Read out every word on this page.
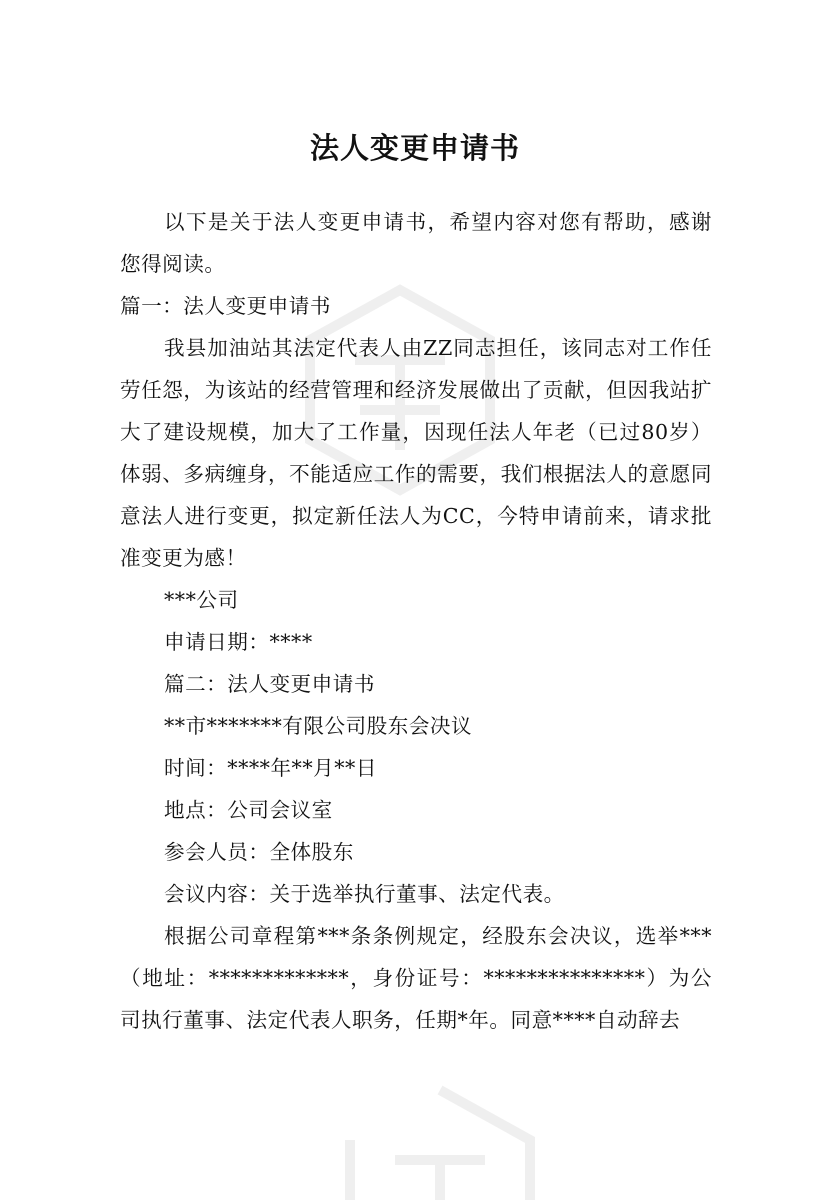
法人变更申请书

以下是关于法人变更申请书，希望内容对您有帮助，感谢您得阅读。

篇一：法人变更申请书

我县加油站其法定代表人由ZZ同志担任，该同志对工作任劳任怨，为该站的经营管理和经济发展做出了贡献，但因我站扩大了建设规模，加大了工作量，因现任法人年老（已过80岁）体弱、多病缠身，不能适应工作的需要，我们根据法人的意愿同意法人进行变更，拟定新任法人为CC，今特申请前来，请求批准变更为感！

***公司

申请日期：****

篇二：法人变更申请书

**市*******有限公司股东会决议

时间：****年**月**日

地点：公司会议室

参会人员：全体股东

会议内容：关于选举执行董事、法定代表。

根据公司章程第***条条例规定，经股东会决议，选举***（地址：*************，身份证号：***************）为公司执行董事、法定代表人职务，任期*年。同意****自动辞去
